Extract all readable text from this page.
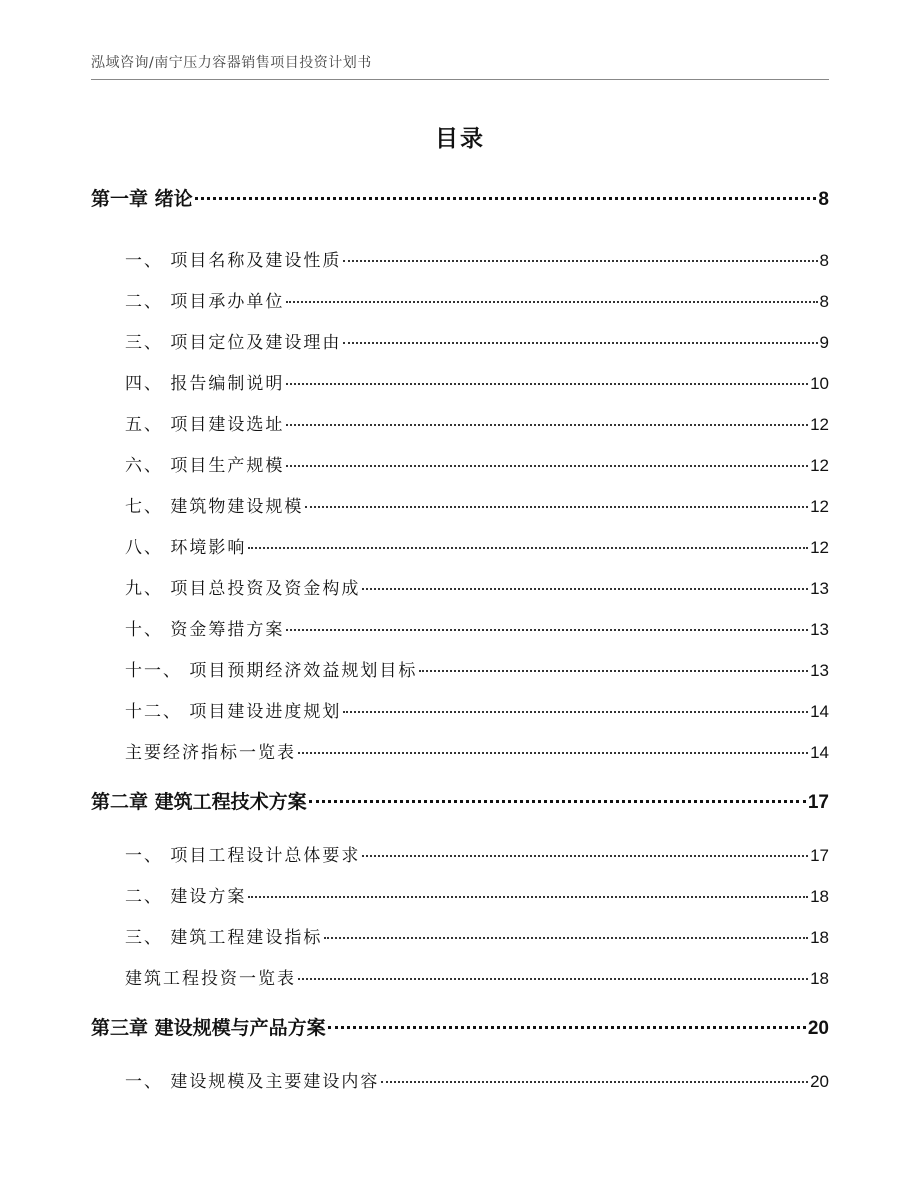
泓域咨询/南宁压力容器销售项目投资计划书
目录
第一章 绪论	8
一、 项目名称及建设性质	8
二、 项目承办单位	8
三、 项目定位及建设理由	9
四、 报告编制说明	10
五、 项目建设选址	12
六、 项目生产规模	12
七、 建筑物建设规模	12
八、 环境影响	12
九、 项目总投资及资金构成	13
十、 资金筹措方案	13
十一、 项目预期经济效益规划目标	13
十二、 项目建设进度规划	14
主要经济指标一览表	14
第二章 建筑工程技术方案	17
一、 项目工程设计总体要求	17
二、 建设方案	18
三、 建筑工程建设指标	18
建筑工程投资一览表	18
第三章 建设规模与产品方案	20
一、 建设规模及主要建设内容	20
